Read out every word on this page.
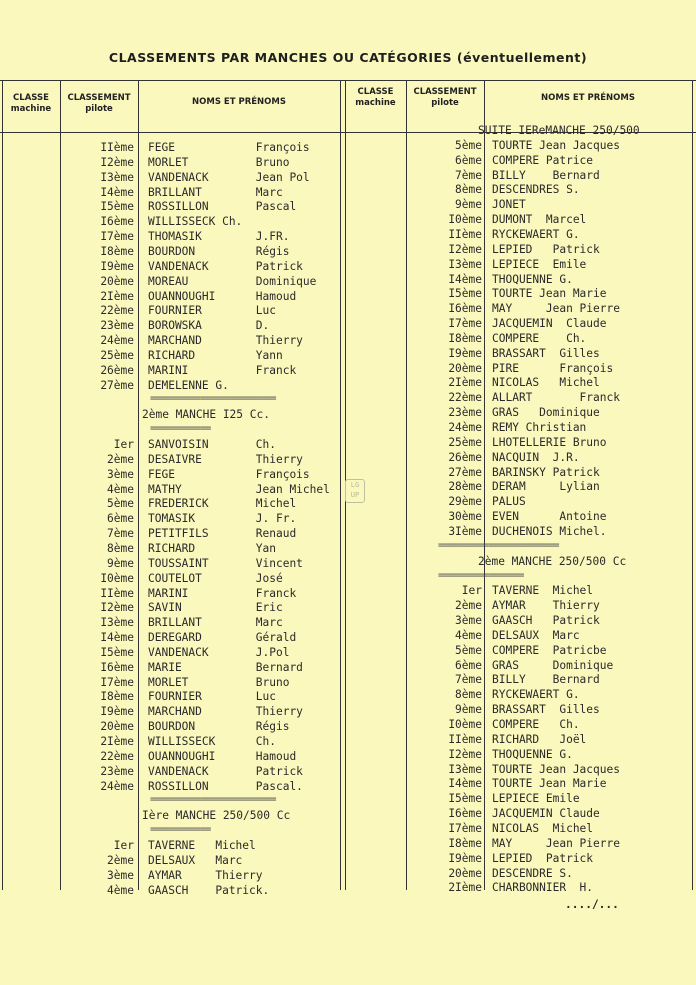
CLASSEMENTS PAR MANCHES OU CATÉGORIES (éventuellement)
CLASSE
machine
CLASSEMENT
pilote
NOMS ET PRÉNOMS
CLASSE
machine
CLASSEMENT
pilote	NOMS ET PRÉNOMS
IIème FEGE            François
I2ème MORLET          Bruno
I3ème VANDENACK       Jean Pol
I4ème BRILLANT        Marc
I5ème ROSSILLON       Pascal
I6ème WILLISSECK Ch.
I7ème THOMASIK        J.FR.
I8ème BOURDON         Régis
I9ème VANDENACK       Patrick
20ème MOREAU          Dominique
2Ième OUANNOUGHI      Hamoud
22ème FOURNIER        Luc
23ème BOROWSKA        D.
24ème MARCHAND        Thierry
25ème RICHARD         Yann
26ème MARINI          Franck
27ème DEMELENNE G.
=========================
2ème MANCHE I25 Cc.
============
Ier SANVOISIN       Ch.
2ème DESAIVRE        Thierry
3ème FEGE            François
4ème MATHY           Jean Michel
5ème FREDERICK       Michel
6ème TOMASIK         J. Fr.
7ème PETITFILS       Renaud
8ème RICHARD         Yan
9ème TOUSSAINT       Vincent
I0ème COUTELOT        José
IIème MARINI          Franck
I2ème SAVIN           Eric
I3ème BRILLANT        Marc
I4ème DEREGARD        Gérald
I5ème VANDENACK       J.Pol
I6ème MARIE           Bernard
I7ème MORLET          Bruno
I8ème FOURNIER        Luc
I9ème MARCHAND        Thierry
20ème BOURDON         Régis
2Ième WILLISSECK      Ch.
22ème OUANNOUGHI      Hamoud
23ème VANDENACK       Patrick
24ème ROSSILLON       Pascal.
=========================
Ière MANCHE 250/500 Cc
============
Ier TAVERNE   Michel
2ème DELSAUX   Marc
3ème AYMAR     Thierry
4ème GAASCH    Patrick.
SUITE IEReMANCHE 250/500
5ème TOURTE Jean Jacques
6ème COMPERE Patrice
7ème BILLY    Bernard
8ème DESCENDRES S.
9ème JONET
I0ème DUMONT  Marcel
IIème RYCKEWAERT G.
I2ème LEPIED   Patrick
I3ème LEPIECE  Emile
I4ème THOQUENNE G.
I5ème TOURTE Jean Marie
I6ème MAY     Jean Pierre
I7ème JACQUEMIN  Claude
I8ème COMPERE    Ch.
I9ème BRASSART  Gilles
20ème PIRE      François
2Ième NICOLAS   Michel
22ème ALLART       Franck
23ème GRAS   Dominique
24ème REMY Christian
25ème LHOTELLERIE Bruno
26ème NACQUIN  J.R.
27ème BARINSKY Patrick
28ème DERAM     Lylian
29ème PALUS
30ème EVEN      Antoine
3Ième DUCHENOIS Michel.
========================
2ème MANCHE 250/500 Cc
=================
Ier TAVERNE  Michel
2ème AYMAR    Thierry
3ème GAASCH   Patrick
4ème DELSAUX  Marc
5ème COMPERE  Patricbe
6ème GRAS     Dominique
7ème BILLY    Bernard
8ème RYCKEWAERT G.
9ème BRASSART  Gilles
I0ème COMPERE   Ch.
IIème RICHARD   Joël
I2ème THOQUENNE G.
I3ème TOURTE Jean Jacques
I4ème TOURTE Jean Marie
I5ème LEPIECE Emile
I6ème JACQUEMIN Claude
I7ème NICOLAS  Michel
I8ème MAY     Jean Pierre
I9ème LEPIED  Patrick
20ème DESCENDRE S.
2Ième CHARBONNIER  H.
LG
UP
..../...
